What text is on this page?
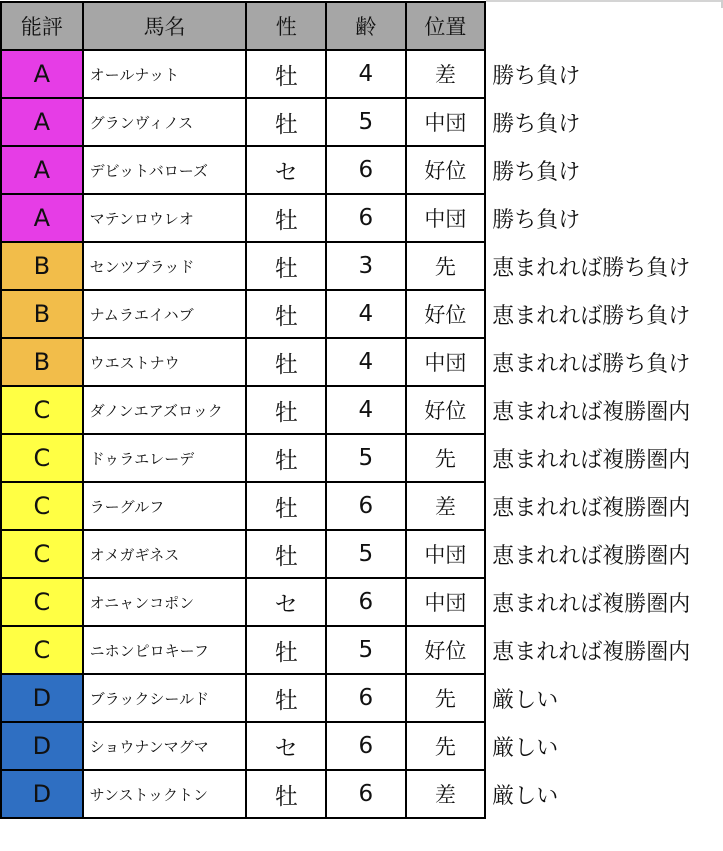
能評	馬名	性	齢	位置	
A	オールナット	牡	4	差	勝ち負け
A	グランヴィノス	牡	5	中団	勝ち負け
A	デビットバローズ	セ	6	好位	勝ち負け
A	マテンロウレオ	牡	6	中団	勝ち負け
B	センツブラッド	牡	3	先	恵まれれば勝ち負け
B	ナムラエイハブ	牡	4	好位	恵まれれば勝ち負け
B	ウエストナウ	牡	4	中団	恵まれれば勝ち負け
C	ダノンエアズロック	牡	4	好位	恵まれれば複勝圏内
C	ドゥラエレーデ	牡	5	先	恵まれれば複勝圏内
C	ラーグルフ	牡	6	差	恵まれれば複勝圏内
C	オメガギネス	牡	5	中団	恵まれれば複勝圏内
C	オニャンコポン	セ	6	中団	恵まれれば複勝圏内
C	ニホンピロキーフ	牡	5	好位	恵まれれば複勝圏内
D	ブラックシールド	牡	6	先	厳しい
D	ショウナンマグマ	セ	6	先	厳しい
D	サンストックトン	牡	6	差	厳しい
